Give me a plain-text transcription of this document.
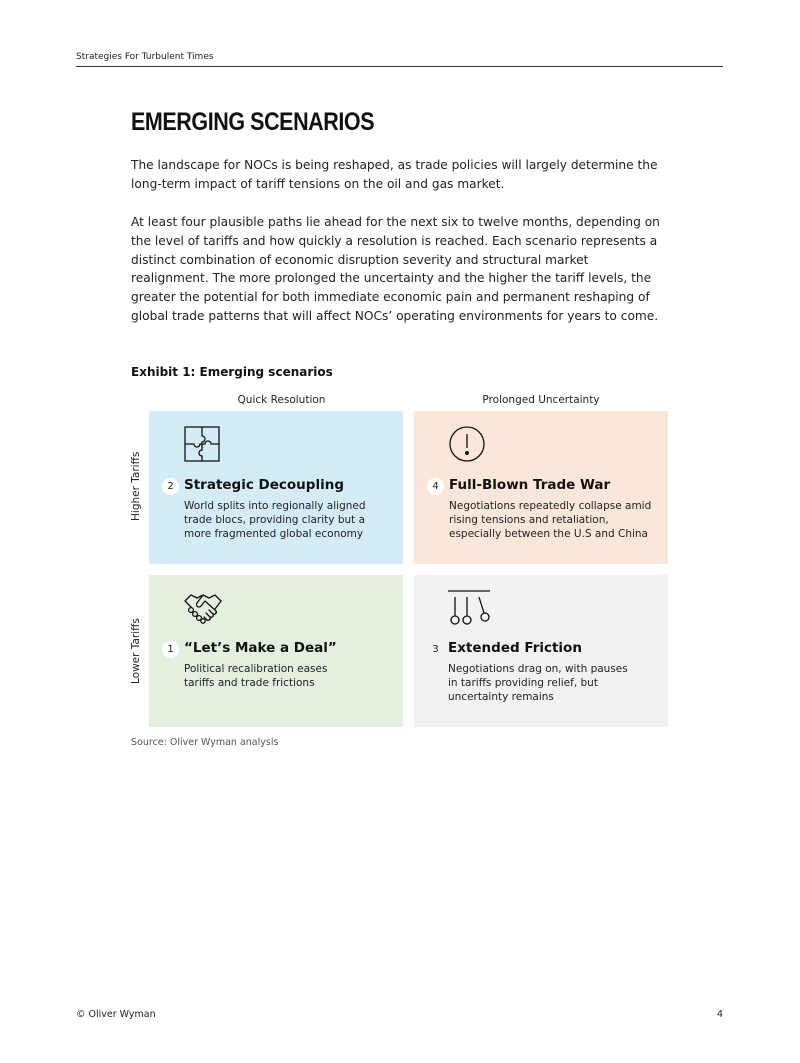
Strategies For Turbulent Times
EMERGING SCENARIOS
The landscape for NOCs is being reshaped, as trade policies will largely determine the long-term impact of tariff tensions on the oil and gas market.
At least four plausible paths lie ahead for the next six to twelve months, depending on the level of tariffs and how quickly a resolution is reached. Each scenario represents a distinct combination of economic disruption severity and structural market realignment. The more prolonged the uncertainty and the higher the tariff levels, the greater the potential for both immediate economic pain and permanent reshaping of global trade patterns that will affect NOCs’ operating environments for years to come.
Exhibit 1: Emerging scenarios
Quick Resolution	Prolonged Uncertainty
Higher Tariffs
Lower Tariffs
2 Strategic Decoupling
World splits into regionally aligned trade blocs, providing clarity but a more fragmented global economy
4 Full-Blown Trade War
Negotiations repeatedly collapse amid rising tensions and retaliation, especially between the U.S and China
1 “Let’s Make a Deal”
Political recalibration eases tariffs and trade frictions
3 Extended Friction
Negotiations drag on, with pauses in tariffs providing relief, but uncertainty remains
Source: Oliver Wyman analysis
© Oliver Wyman	4
